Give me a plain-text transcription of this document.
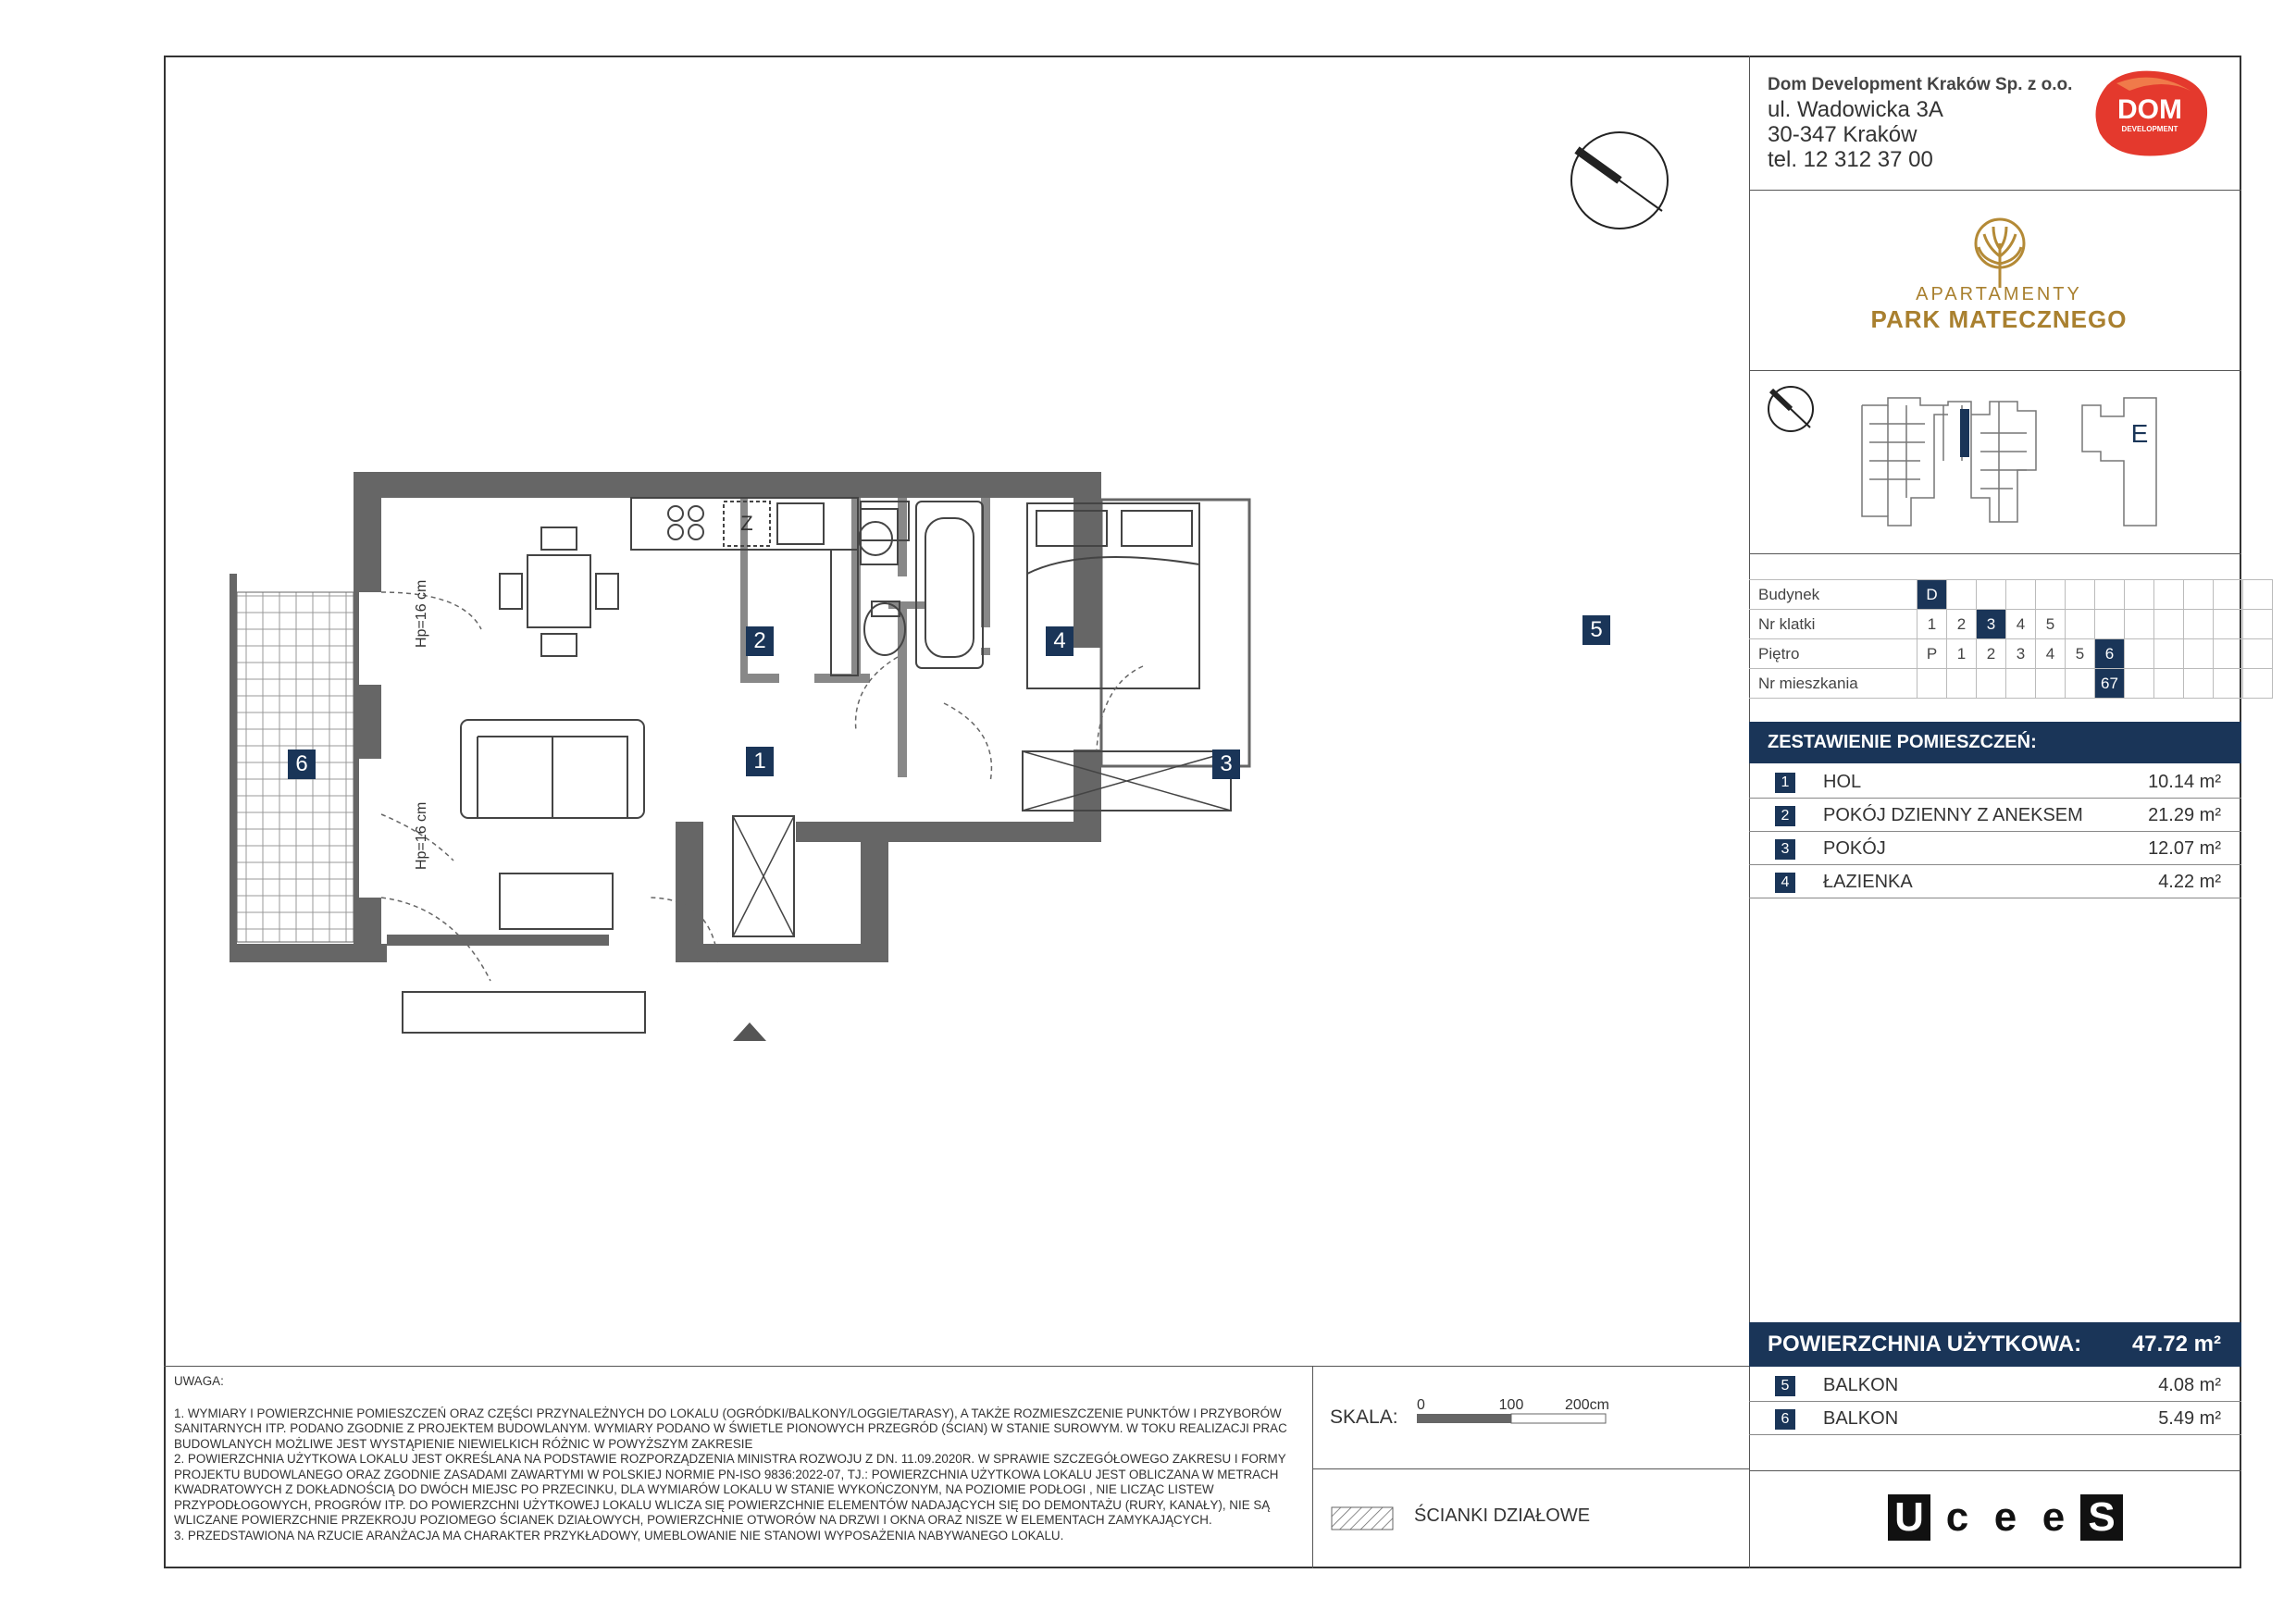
Dom Development Kraków Sp. z o.o.
ul. Wadowicka 3A
30-347 Kraków
tel. 12 312 37 00
DOM
DEVELOPMENT
APARTAMENTY
PARK MATECZNEGO
E
Budynek	D											
Nr klatki	1	2	3	4	5							
Piętro	P	1	2	3	4	5	6					
Nr mieszkania							67					
ZESTAWIENIE POMIESZCZEŃ:
1	HOL	10.14 m²
2	POKÓJ DZIENNY Z ANEKSEM	21.29 m²
3	POKÓJ	12.07 m²
4	ŁAZIENKA	4.22 m²
POWIERZCHNIA UŻYTKOWA: 47.72 m²
5	BALKON	4.08 m²
6	BALKON	5.49 m²

UWAGA:

1. WYMIARY I POWIERZCHNIE POMIESZCZEŃ ORAZ CZĘŚCI PRZYNALEŻNYCH DO LOKALU (OGRÓDKI/BALKONY/LOGGIE/TARASY), A TAKŻE ROZMIESZCZENIE PUNKTÓW I PRZYBORÓW SANITARNYCH ITP. PODANO ZGODNIE Z PROJEKTEM BUDOWLANYM. WYMIARY PODANO W ŚWIETLE PIONOWYCH PRZEGRÓD (ŚCIAN) W STANIE SUROWYM. W TOKU REALIZACJI PRAC BUDOWLANYCH MOŻLIWE JEST WYSTĄPIENIE NIEWIELKICH RÓŻNIC W POWYŻSZYM ZAKRESIE

2. POWIERZCHNIA UŻYTKOWA LOKALU JEST OKREŚLANA NA PODSTAWIE ROZPORZĄDZENIA MINISTRA ROZWOJU Z DN. 11.09.2020R. W SPRAWIE SZCZEGÓŁOWEGO ZAKRESU I FORMY PROJEKTU BUDOWLANEGO ORAZ ZGODNIE ZASADAMI ZAWARTYMI W POLSKIEJ NORMIE PN-ISO 9836:2022-07, TJ.: POWIERZCHNIA UŻYTKOWA LOKALU JEST OBLICZANA W METRACH KWADRATOWYCH Z DOKŁADNOŚCIĄ DO DWÓCH MIEJSC PO PRZECINKU, DLA WYMIARÓW LOKALU W STANIE WYKOŃCZONYM, NA POZIOMIE PODŁOGI , NIE LICZĄC LISTEW PRZYPODŁOGOWYCH, PROGRÓW ITP. DO POWIERZCHNI UŻYTKOWEJ LOKALU WLICZA SIĘ POWIERZCHNIE ELEMENTÓW NADAJĄCYCH SIĘ DO DEMONTAŻU (RURY, KANAŁY), NIE SĄ WLICZANE POWIERZCHNIE PRZEKROJU POZIOMEGO ŚCIANEK DZIAŁOWYCH, POWIERZCHNIE OTWORÓW NA DRZWI I OKNA ORAZ NISZE W ELEMENTACH ZAMYKAJĄCYCH.

3. PRZEDSTAWIONA NA RZUCIE ARANŻACJA MA CHARAKTER PRZYKŁADOWY, UMEBLOWANIE NIE STANOWI WYPOSAŻENIA NABYWANEGO LOKALU.

SKALA:
0	100	200cm
ŚCIANKI DZIAŁOWE	U c e e S
Z
Hp=16 cm
Hp=16 cm
1
2
3
4	5
6
